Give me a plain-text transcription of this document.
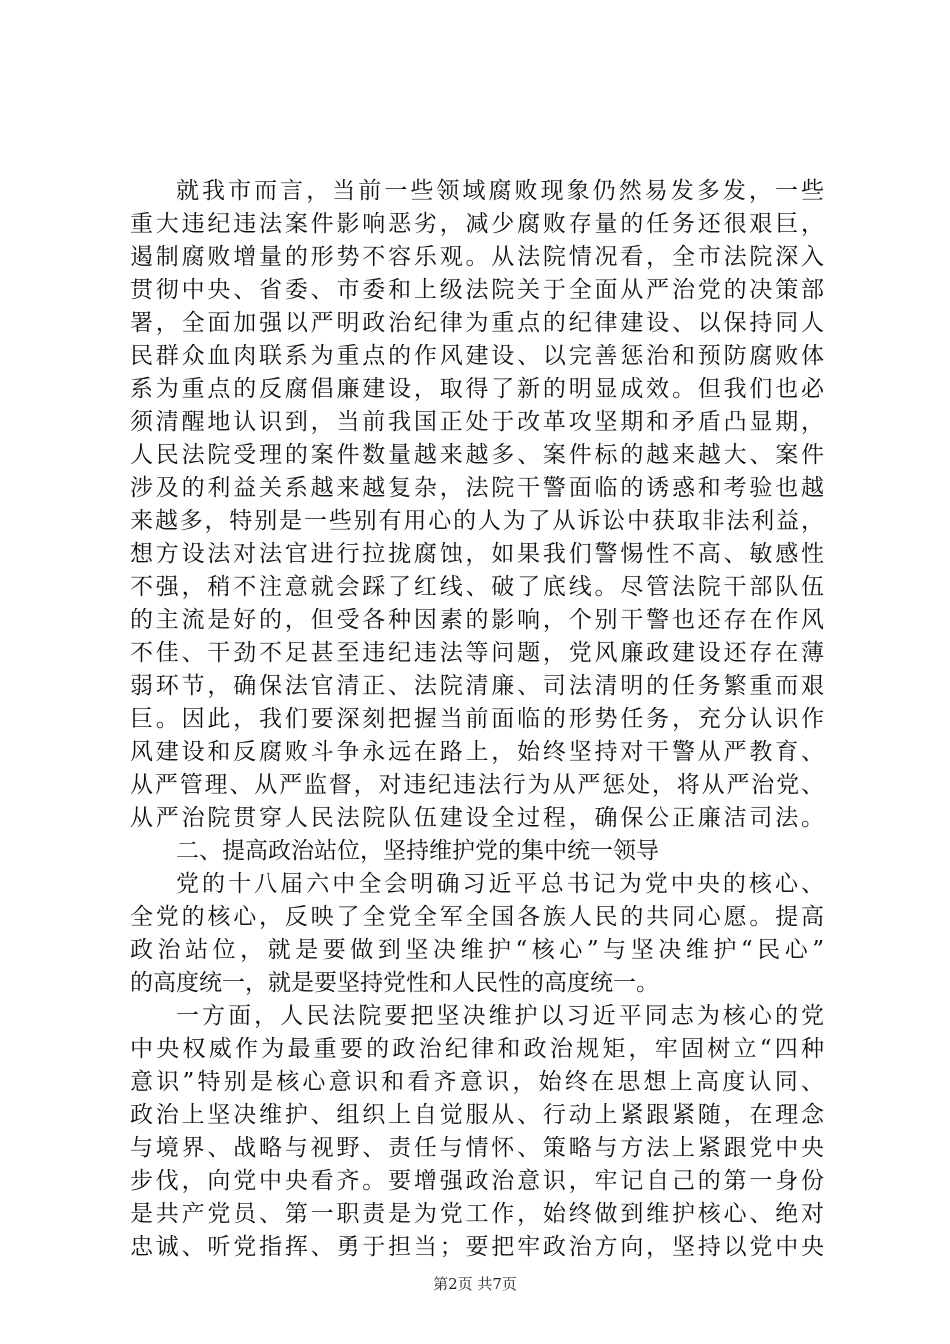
就我市而言，当前一些领域腐败现象仍然易发多发，一些
重大违纪违法案件影响恶劣，减少腐败存量的任务还很艰巨，
遏制腐败增量的形势不容乐观。从法院情况看，全市法院深入
贯彻中央、省委、市委和上级法院关于全面从严治党的决策部
署，全面加强以严明政治纪律为重点的纪律建设、以保持同人
民群众血肉联系为重点的作风建设、以完善惩治和预防腐败体
系为重点的反腐倡廉建设，取得了新的明显成效。但我们也必
须清醒地认识到，当前我国正处于改革攻坚期和矛盾凸显期，
人民法院受理的案件数量越来越多、案件标的越来越大、案件
涉及的利益关系越来越复杂，法院干警面临的诱惑和考验也越
来越多，特别是一些别有用心的人为了从诉讼中获取非法利益，
想方设法对法官进行拉拢腐蚀，如果我们警惕性不高、敏感性
不强，稍不注意就会踩了红线、破了底线。尽管法院干部队伍
的主流是好的，但受各种因素的影响，个别干警也还存在作风
不佳、干劲不足甚至违纪违法等问题，党风廉政建设还存在薄
弱环节，确保法官清正、法院清廉、司法清明的任务繁重而艰
巨。因此，我们要深刻把握当前面临的形势任务，充分认识作
风建设和反腐败斗争永远在路上，始终坚持对干警从严教育、
从严管理、从严监督，对违纪违法行为从严惩处，将从严治党、
从严治院贯穿人民法院队伍建设全过程，确保公正廉洁司法。
二、提高政治站位，坚持维护党的集中统一领导
党的十八届六中全会明确习近平总书记为党中央的核心、
全党的核心，反映了全党全军全国各族人民的共同心愿。提高
政治站位，就是要做到坚决维护“核心”与坚决维护“民心”
的高度统一，就是要坚持党性和人民性的高度统一。
一方面，人民法院要把坚决维护以习近平同志为核心的党
中央权威作为最重要的政治纪律和政治规矩，牢固树立“四种
意识”特别是核心意识和看齐意识，始终在思想上高度认同、
政治上坚决维护、组织上自觉服从、行动上紧跟紧随，在理念
与境界、战略与视野、责任与情怀、策略与方法上紧跟党中央
步伐，向党中央看齐。要增强政治意识，牢记自己的第一身份
是共产党员、第一职责是为党工作，始终做到维护核心、绝对
忠诚、听党指挥、勇于担当；要把牢政治方向，坚持以党中央
第2页 共7页
